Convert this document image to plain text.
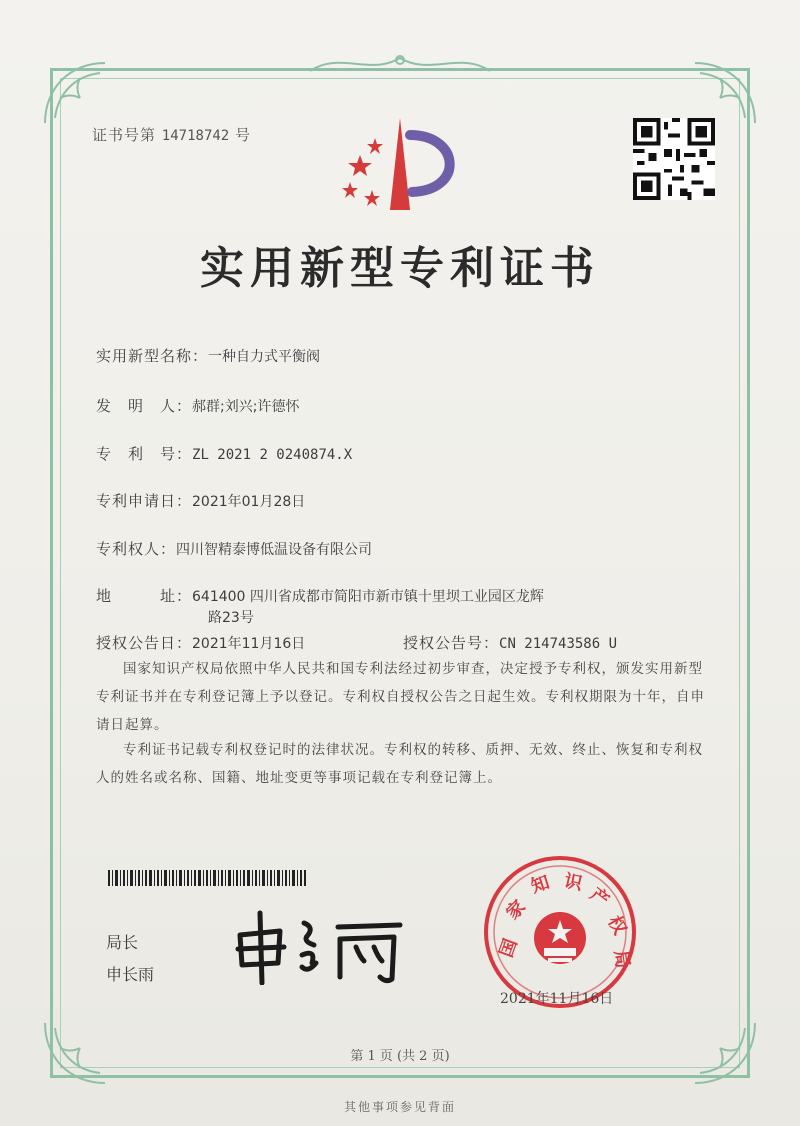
证书号第 14718742 号
实用新型专利证书
实用新型名称：一种自力式平衡阀
发　明　人：郝群;刘兴;许德怀
专　利　号：ZL 2021 2 0240874.X
专利申请日：2021年01月28日
专利权人：四川智精泰博低温设备有限公司
地　　　址：641400 四川省成都市简阳市新市镇十里坝工业园区龙辉
路23号
授权公告日：2021年11月16日	授权公告号：CN 214743586 U

国家知识产权局依照中华人民共和国专利法经过初步审查，决定授予专利权，颁发实用新型专利证书并在专利登记簿上予以登记。专利权自授权公告之日起生效。专利权期限为十年，自申请日起算。

专利证书记载专利权登记时的法律状况。专利权的转移、质押、无效、终止、恢复和专利权人的姓名或名称、国籍、地址变更等事项记载在专利登记簿上。

局长
申长雨
国
家
知 识
产
权
局
2021年11月16日
第 1 页 (共 2 页)
其他事项参见背面
